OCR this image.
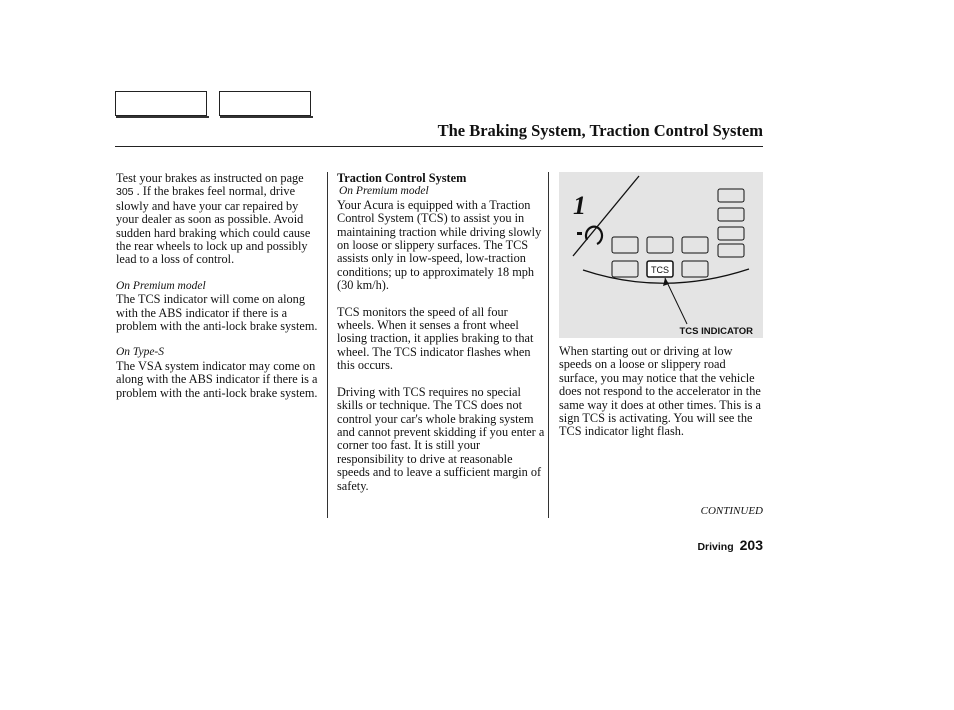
The Braking System, Traction Control System

Test your brakes as instructed on page 305 . If the brakes feel normal, drive slowly and have your car repaired by your dealer as soon as possible. Avoid sudden hard braking which could cause the rear wheels to lock up and possibly lead to a loss of control.

On Premium model

The TCS indicator will come on along with the ABS indicator if there is a problem with the anti-lock brake system.

On Type-S

The VSA system indicator may come on along with the ABS indicator if there is a problem with the anti-lock brake system.

Traction Control System
On Premium model

Your Acura is equipped with a Traction Control System (TCS) to assist you in maintaining traction while driving slowly on loose or slippery surfaces. The TCS assists only in low-speed, low-traction conditions; up to approximately 18 mph (30 km/h).

TCS monitors the speed of all four wheels. When it senses a front wheel losing traction, it applies braking to that wheel. The TCS indicator flashes when this occurs.

Driving with TCS requires no special skills or technique. The TCS does not control your car's whole braking system and cannot prevent skidding if you enter a corner too fast. It is still your responsibility to drive at reasonable speeds and to leave a sufficient margin of safety.

1
TCS
TCS INDICATOR

When starting out or driving at low speeds on a loose or slippery road surface, you may notice that the vehicle does not respond to the accelerator in the same way it does at other times. This is a sign TCS is activating. You will see the TCS indicator light flash.

CONTINUED
Driving 203
